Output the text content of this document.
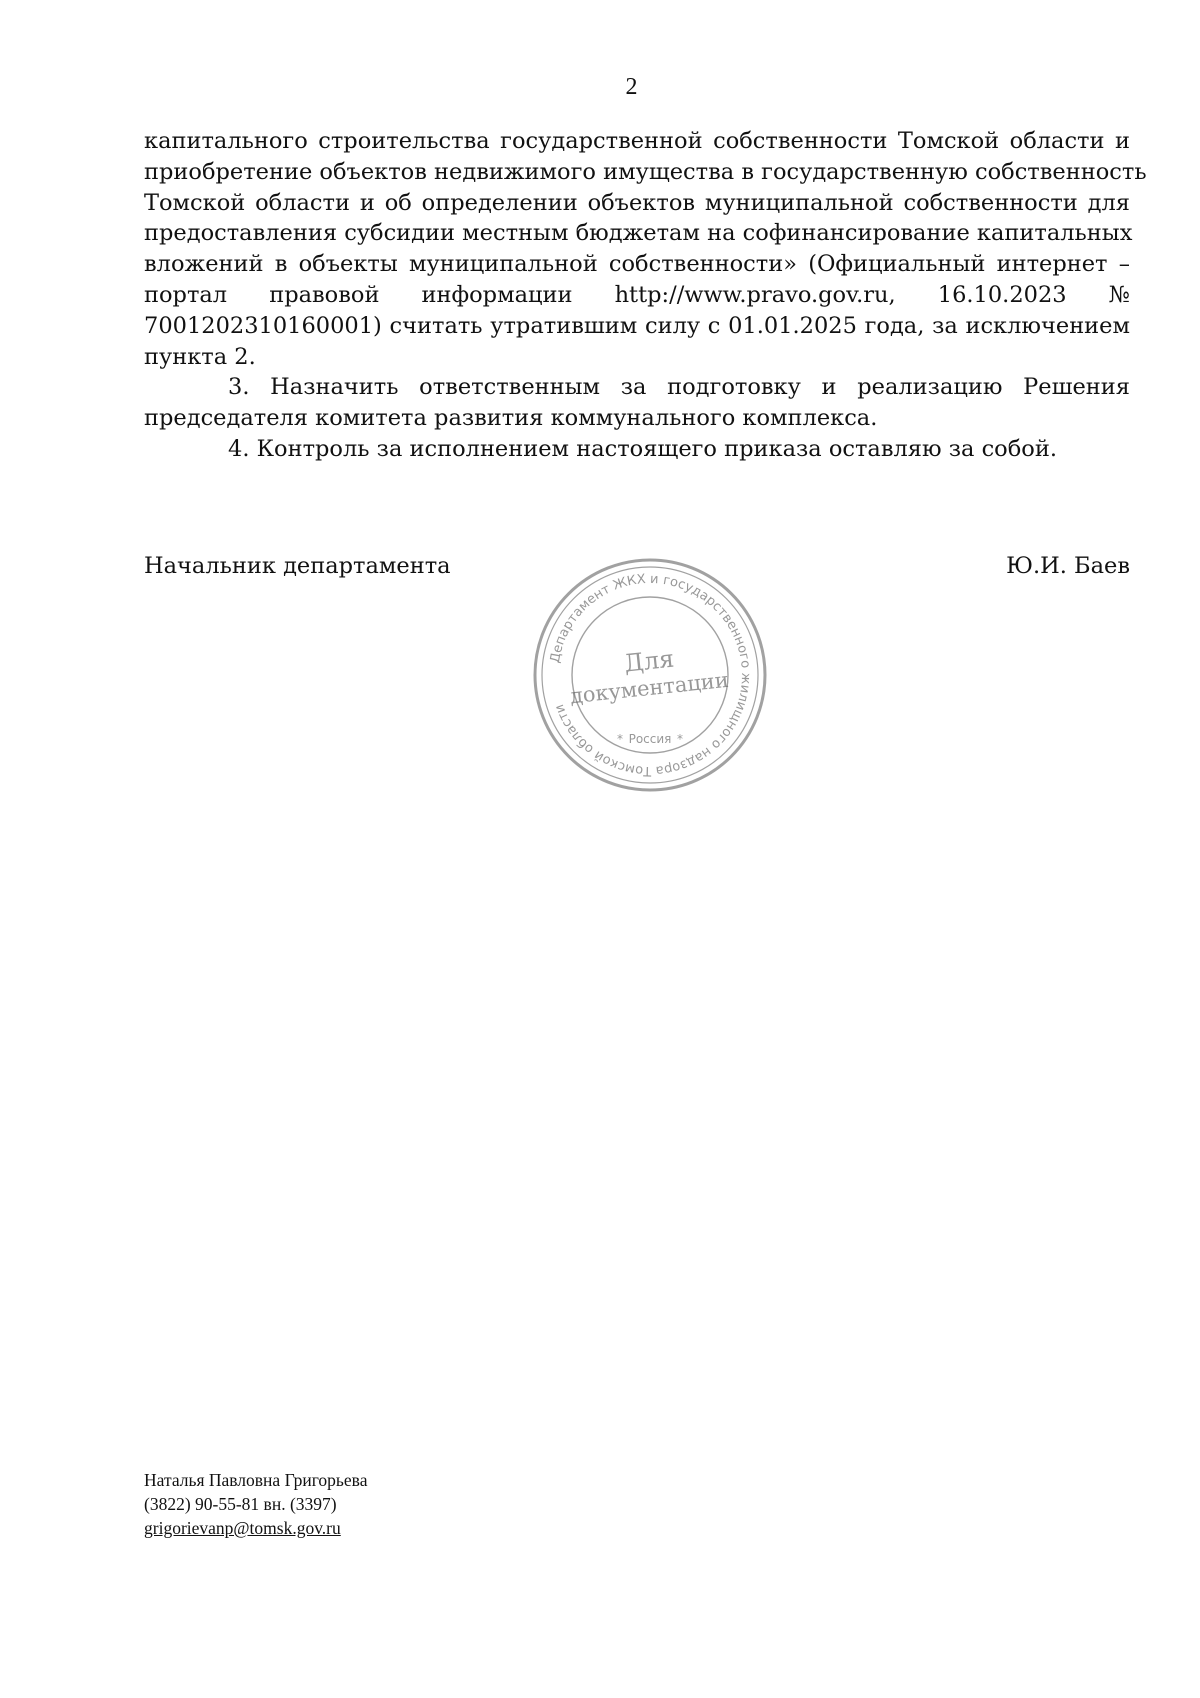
2
капитального строительства государственной собственности Томской области и
приобретение объектов недвижимого имущества в государственную собственность
Томской области и об определении объектов муниципальной собственности для
предоставления субсидии местным бюджетам на софинансирование капитальных
вложений в объекты муниципальной собственности» (Официальный интернет –
портал правовой информации http://www.pravo.gov.ru, 16.10.2023 №
7001202310160001) считать утратившим силу с 01.01.2025 года, за исключением
пункта 2.
3. Назначить ответственным за подготовку и реализацию Решения
председателя комитета развития коммунального комплекса.
4. Контроль за исполнением настоящего приказа оставляю за собой.
Начальник департамента	Ю.И. Баев
Департамент ЖКХ и государственного жилищного надзора Томской области
Для
документации
Россия
*	*
Наталья Павловна Григорьева
(3822) 90-55-81 вн. (3397)
grigorievanp@tomsk.gov.ru
